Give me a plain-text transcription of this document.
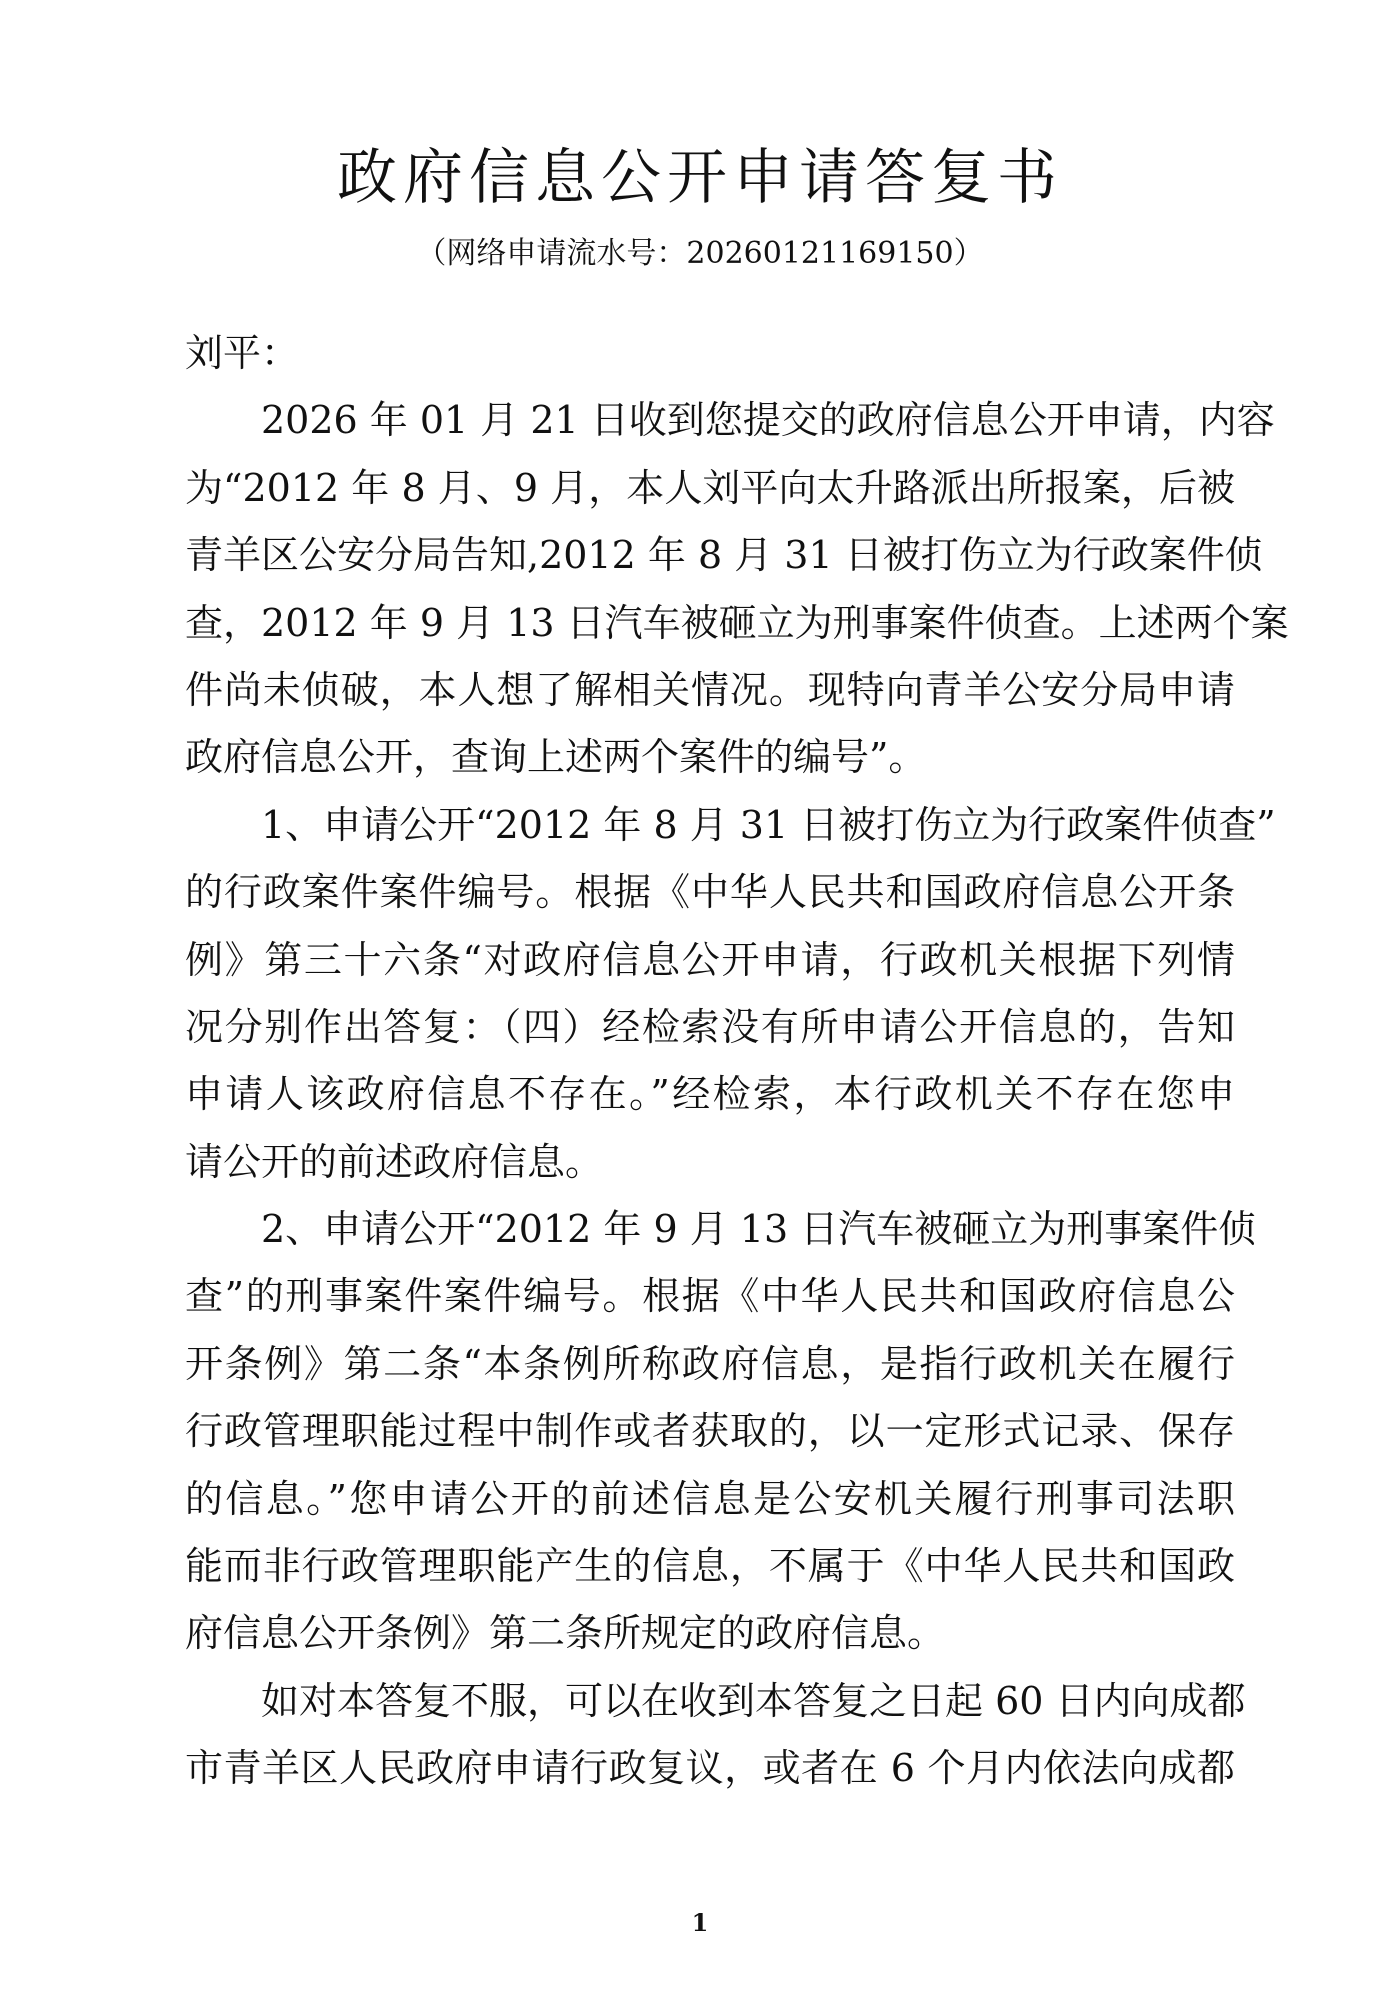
政府信息公开申请答复书
（网络申请流水号：20260121169150）
刘平：
2026 年 01 月 21 日收到您提交的政府信息公开申请，内容
为“2012 年 8 月、9 月，本人刘平向太升路派出所报案，后被
青羊区公安分局告知,2012 年 8 月 31 日被打伤立为行政案件侦
查，2012 年 9 月 13 日汽车被砸立为刑事案件侦查。上述两个案
件尚未侦破，本人想了解相关情况。现特向青羊公安分局申请
政府信息公开，查询上述两个案件的编号”。
1、申请公开“2012 年 8 月 31 日被打伤立为行政案件侦查”
的行政案件案件编号。根据《中华人民共和国政府信息公开条
例》第三十六条“对政府信息公开申请，行政机关根据下列情
况分别作出答复：（四）经检索没有所申请公开信息的，告知
申请人该政府信息不存在。”经检索，本行政机关不存在您申
请公开的前述政府信息。
2、申请公开“2012 年 9 月 13 日汽车被砸立为刑事案件侦
查”的刑事案件案件编号。根据《中华人民共和国政府信息公
开条例》第二条“本条例所称政府信息，是指行政机关在履行
行政管理职能过程中制作或者获取的，以一定形式记录、保存
的信息。”您申请公开的前述信息是公安机关履行刑事司法职
能而非行政管理职能产生的信息，不属于《中华人民共和国政
府信息公开条例》第二条所规定的政府信息。
如对本答复不服，可以在收到本答复之日起 60 日内向成都
市青羊区人民政府申请行政复议，或者在 6 个月内依法向成都
1
